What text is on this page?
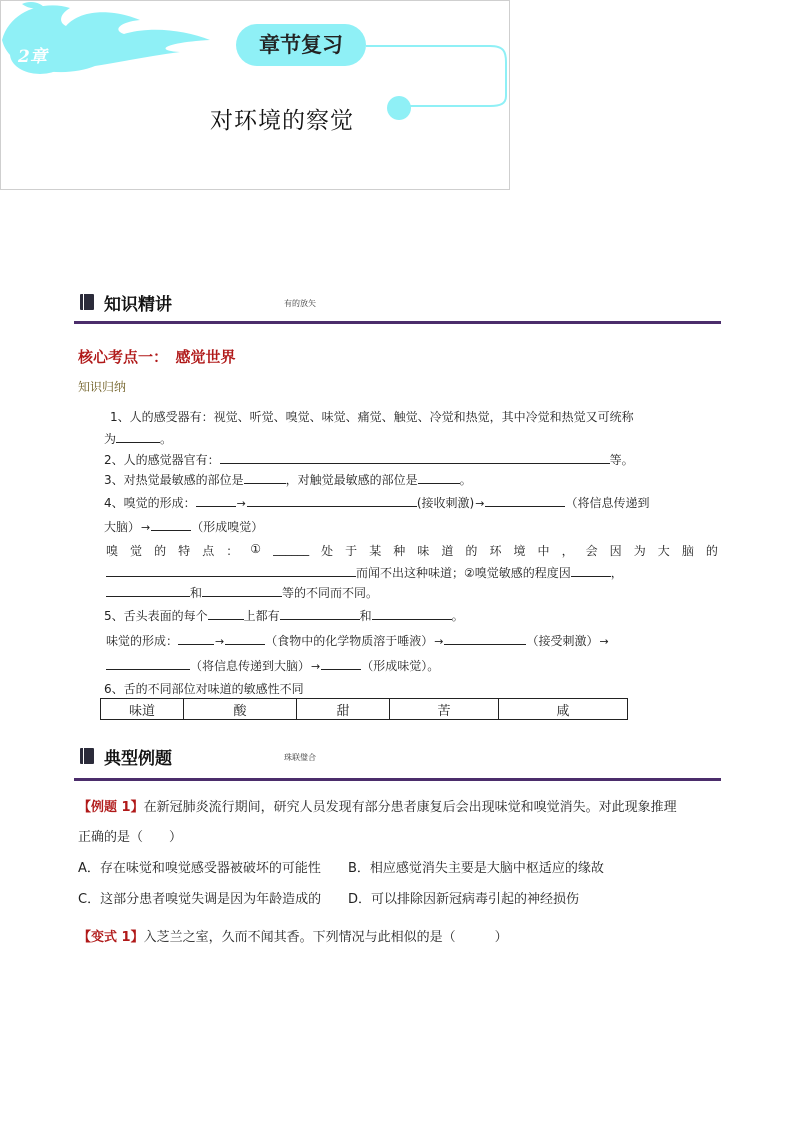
2章	章节复习
对环境的察觉
知识精讲	有的放矢
核心考点一：　感觉世界
知识归纳
1、人的感受器有：视觉、听觉、嗅觉、味觉、痛觉、触觉、冷觉和热觉，其中冷觉和热觉又可统称
为	。
2、人的感觉器官有：	等。
3、对热觉最敏感的部位是	，对触觉最敏感的部位是	。
4、嗅觉的形成：	→	(接收刺激)→	（将信息传递到
大脑）→	（形成嗅觉）
嗅 觉 的 特 点 ： ① ______ 处 于 某 种 味 道 的 环 境 中 ， 会 因 为 大 脑 的
而闻不出这种味道；②嗅觉敏感的程度因	，
和	等的不同而不同。
5、舌头表面的每个	上都有	和	。
味觉的形成：	→	（食物中的化学物质溶于唾液）→	（接受刺激）→
（将信息传递到大脑）→	（形成味觉）。
6、舌的不同部位对味道的敏感性不同
味道	酸	甜	苦	咸
典型例题	珠联璧合
【例题 1】在新冠肺炎流行期间，研究人员发现有部分患者康复后会出现味觉和嗅觉消失。对此现象推理
正确的是（　　）
A．存在味觉和嗅觉感受器被破坏的可能性 B．相应感觉消失主要是大脑中枢适应的缘故
C．这部分患者嗅觉失调是因为年龄造成的 D．可以排除因新冠病毒引起的神经损伤
【变式 1】入芝兰之室，久而不闻其香。下列情况与此相似的是（　　　）
